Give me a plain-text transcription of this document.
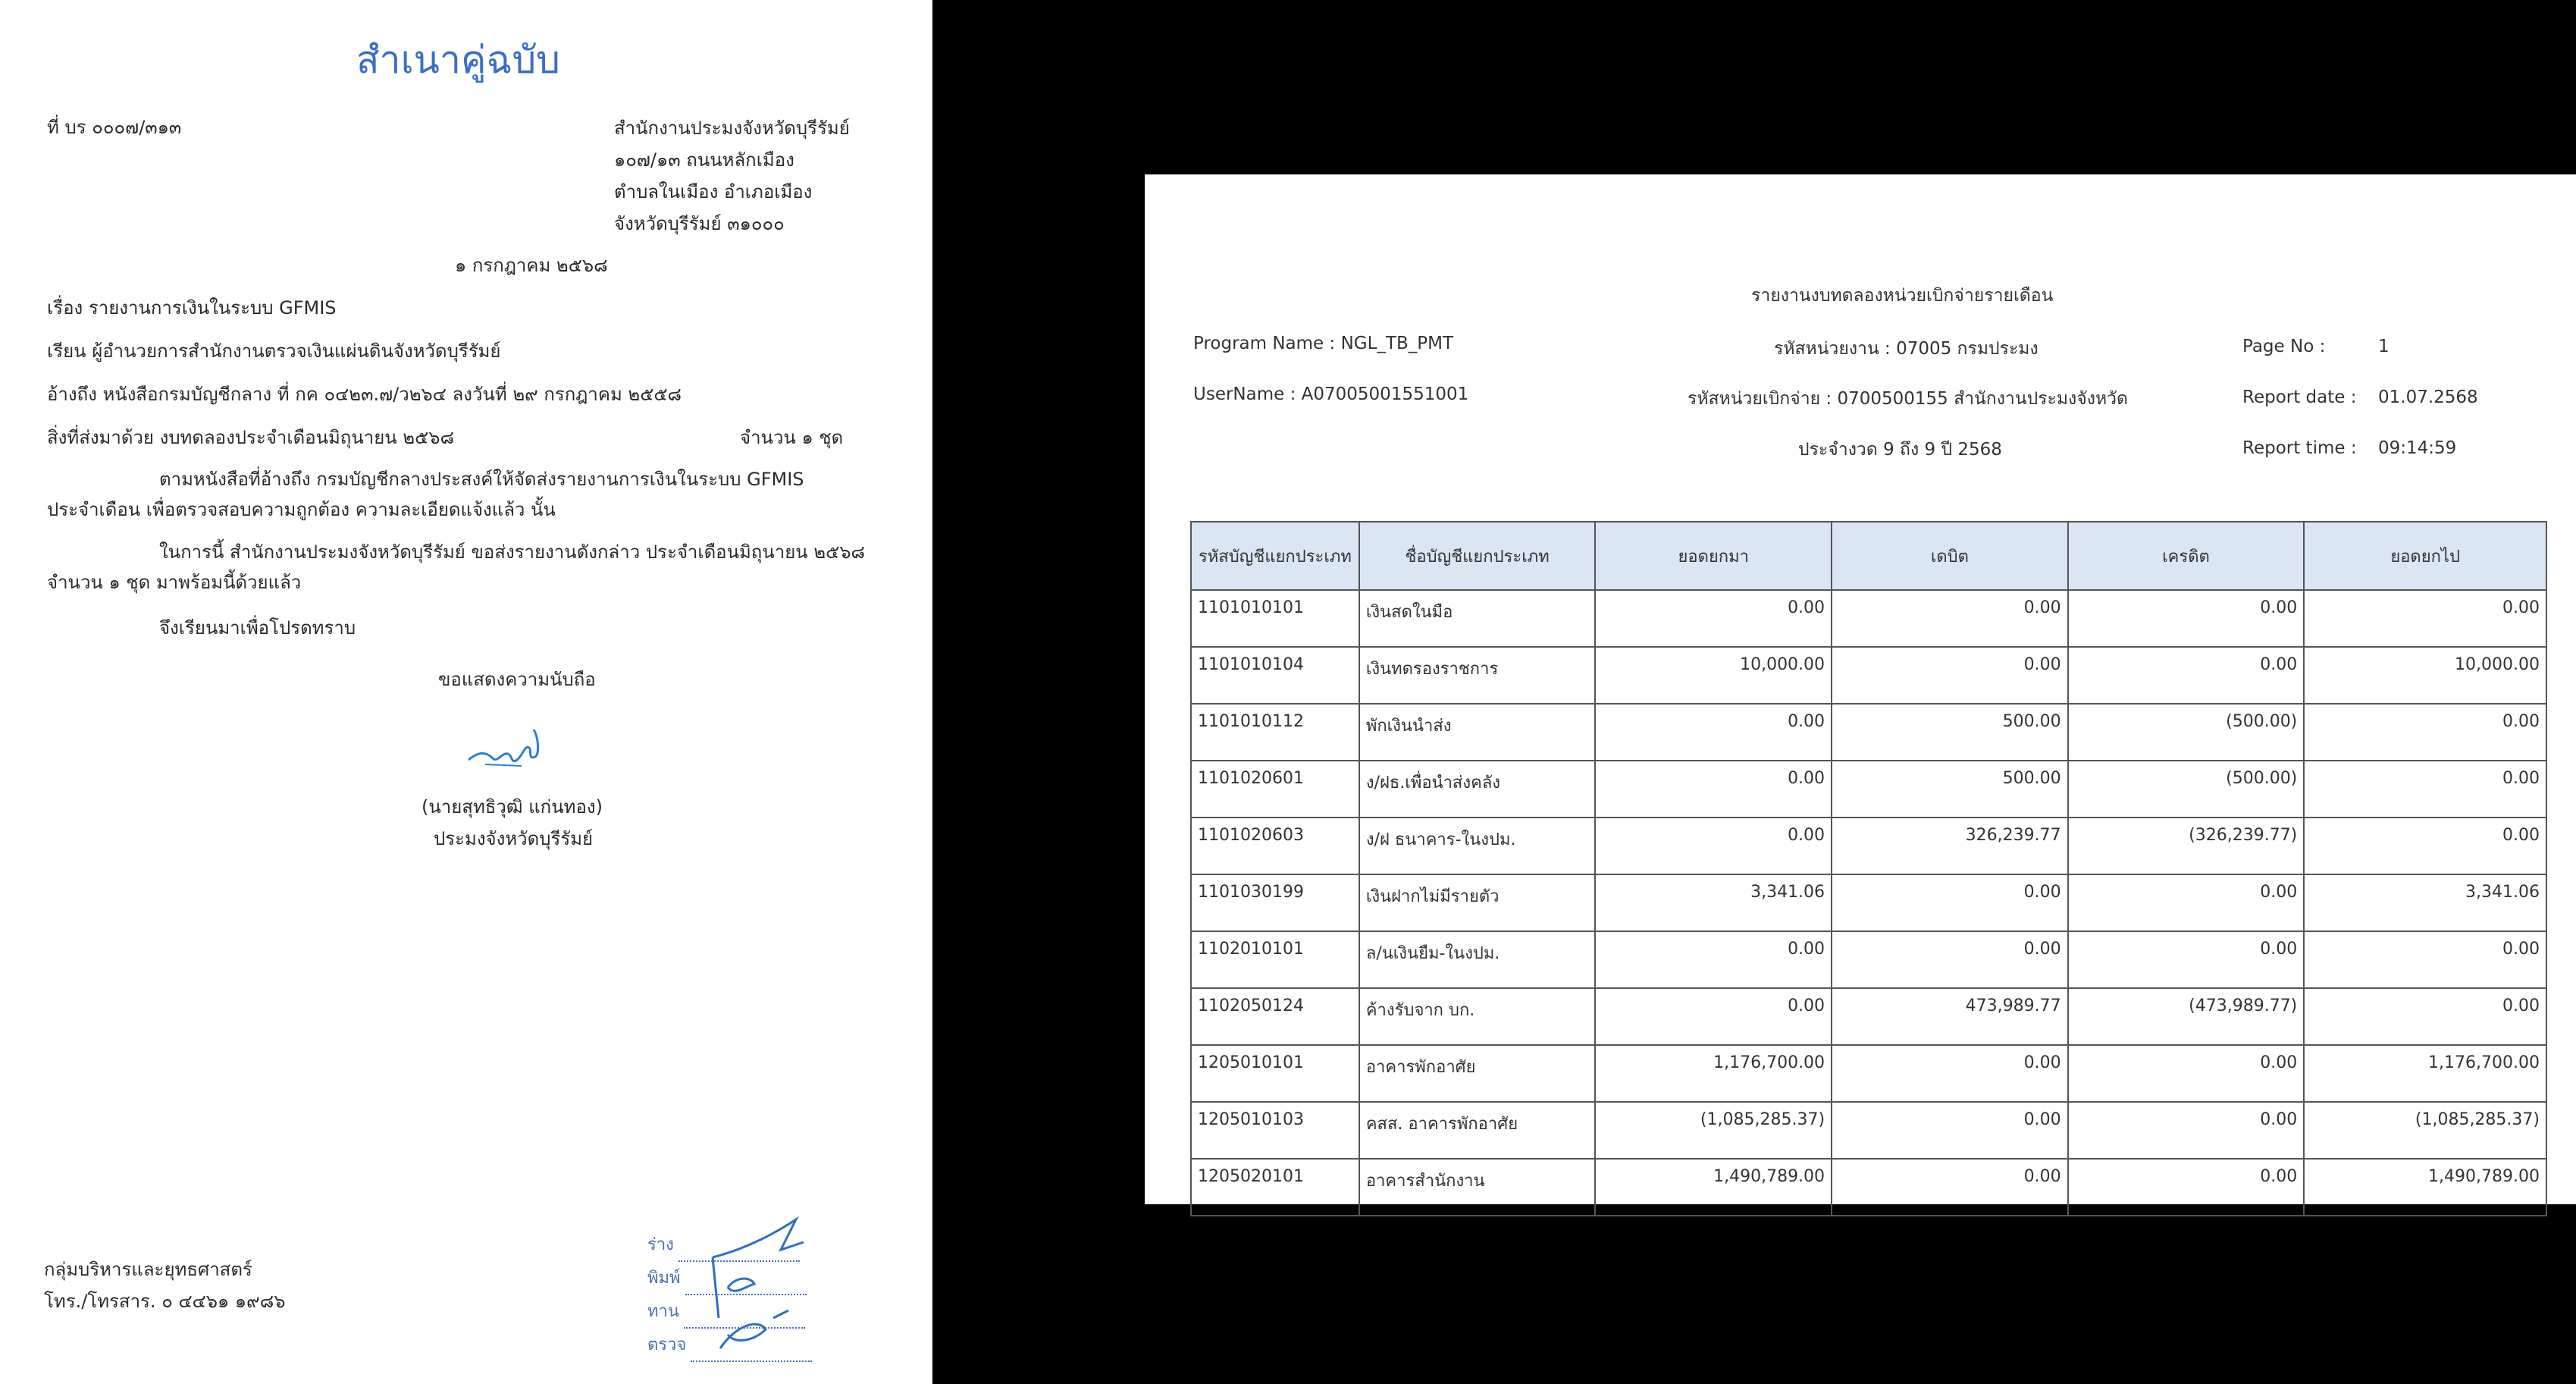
สำเนาคู่ฉบับ
ที่ บร ๐๐๐๗/๓๑๓	สำนักงานประมงจังหวัดบุรีรัมย์
๑๐๗/๑๓ ถนนหลักเมือง
ตำบลในเมือง อำเภอเมือง
จังหวัดบุรีรัมย์ ๓๑๐๐๐
๑ กรกฎาคม ๒๕๖๘
เรื่อง รายงานการเงินในระบบ GFMIS
เรียน ผู้อำนวยการสำนักงานตรวจเงินแผ่นดินจังหวัดบุรีรัมย์
อ้างถึง หนังสือกรมบัญชีกลาง ที่ กค ๐๔๒๓.๗/ว๒๖๔ ลงวันที่ ๒๙ กรกฎาคม ๒๕๕๘
สิ่งที่ส่งมาด้วย งบทดลองประจำเดือนมิถุนายน ๒๕๖๘	จำนวน ๑ ชุด
ตามหนังสือที่อ้างถึง กรมบัญชีกลางประสงค์ให้จัดส่งรายงานการเงินในระบบ GFMIS
ประจำเดือน เพื่อตรวจสอบความถูกต้อง ความละเอียดแจ้งแล้ว นั้น
ในการนี้ สำนักงานประมงจังหวัดบุรีรัมย์ ขอส่งรายงานดังกล่าว ประจำเดือนมิถุนายน ๒๕๖๘
จำนวน ๑ ชุด มาพร้อมนี้ด้วยแล้ว
จึงเรียนมาเพื่อโปรดทราบ
ขอแสดงความนับถือ
(นายสุทธิวุฒิ แก่นทอง)
ประมงจังหวัดบุรีรัมย์
กลุ่มบริหารและยุทธศาสตร์
โทร./โทรสาร. ๐ ๔๔๖๑ ๑๙๘๖
ร่าง
พิมพ์
ทาน
ตรวจ
รายงานงบทดลองหน่วยเบิกจ่ายรายเดือน
Program Name : NGL_TB_PMT
UserName : A07005001551001
รหัสหน่วยงาน : 07005 กรมประมง
รหัสหน่วยเบิกจ่าย : 0700500155 สำนักงานประมงจังหวัด
ประจำงวด 9 ถึง 9 ปี 2568
Page No :	1
Report date : 01.07.2568
Report time : 09:14:59
รหัสบัญชีแยกประเภท	ชื่อบัญชีแยกประเภท	ยอดยกมา	เดบิต	เครดิต	ยอดยกไป
1101010101	เงินสดในมือ	0.00	0.00	0.00	0.00
1101010104	เงินทดรองราชการ	10,000.00	0.00	0.00	10,000.00
1101010112	พักเงินนำส่ง	0.00	500.00	(500.00)	0.00
1101020601	ง/ฝธ.เพื่อนำส่งคลัง	0.00	500.00	(500.00)	0.00
1101020603	ง/ฝ ธนาคาร-ในงปม.	0.00	326,239.77	(326,239.77)	0.00
1101030199	เงินฝากไม่มีรายตัว	3,341.06	0.00	0.00	3,341.06
1102010101	ล/นเงินยืม-ในงปม.	0.00	0.00	0.00	0.00
1102050124	ค้างรับจาก บก.	0.00	473,989.77	(473,989.77)	0.00
1205010101	อาคารพักอาศัย	1,176,700.00	0.00	0.00	1,176,700.00
1205010103	คสส. อาคารพักอาศัย	(1,085,285.37)	0.00	0.00	(1,085,285.37)
1205020101	อาคารสำนักงาน	1,490,789.00	0.00	0.00	1,490,789.00
